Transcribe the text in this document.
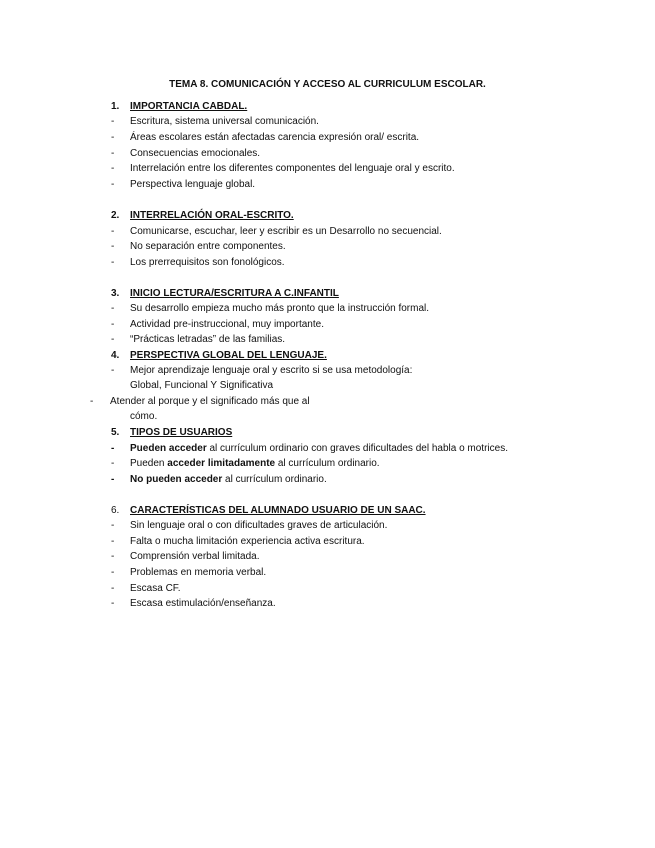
TEMA 8. COMUNICACIÓN Y ACCESO AL CURRICULUM ESCOLAR.
1. IMPORTANCIA CABDAL.
- Escritura, sistema universal comunicación.
- Áreas escolares están afectadas carencia expresión oral/ escrita.
- Consecuencias emocionales.
- Interrelación entre los diferentes componentes del lenguaje oral y escrito.
- Perspectiva lenguaje global.
2. INTERRELACIÓN ORAL-ESCRITO.
- Comunicarse, escuchar, leer y escribir es un Desarrollo no secuencial.
- No separación entre componentes.
- Los prerrequisitos son fonológicos.
3. INICIO LECTURA/ESCRITURA A C.INFANTIL
- Su desarrollo empieza mucho más pronto que la instrucción formal.
- Actividad pre-instruccional, muy importante.
- “Prácticas letradas” de las familias.
4. PERSPECTIVA GLOBAL DEL LENGUAJE.
- Mejor aprendizaje lenguaje oral y escrito si se usa metodología:
Global, Funcional Y Significativa
- Atender al porque y el significado más que al
cómo.
5. TIPOS DE USUARIOS
- Pueden acceder al currículum ordinario con graves dificultades del habla o motrices.
- Pueden acceder limitadamente al currículum ordinario.
- No pueden acceder al currículum ordinario.
6. CARACTERÍSTICAS DEL ALUMNADO USUARIO DE UN SAAC.
- Sin lenguaje oral o con dificultades graves de articulación.
- Falta o mucha limitación experiencia activa escritura.
- Comprensión verbal limitada.
- Problemas en memoria verbal.
- Escasa CF.
- Escasa estimulación/enseñanza.
